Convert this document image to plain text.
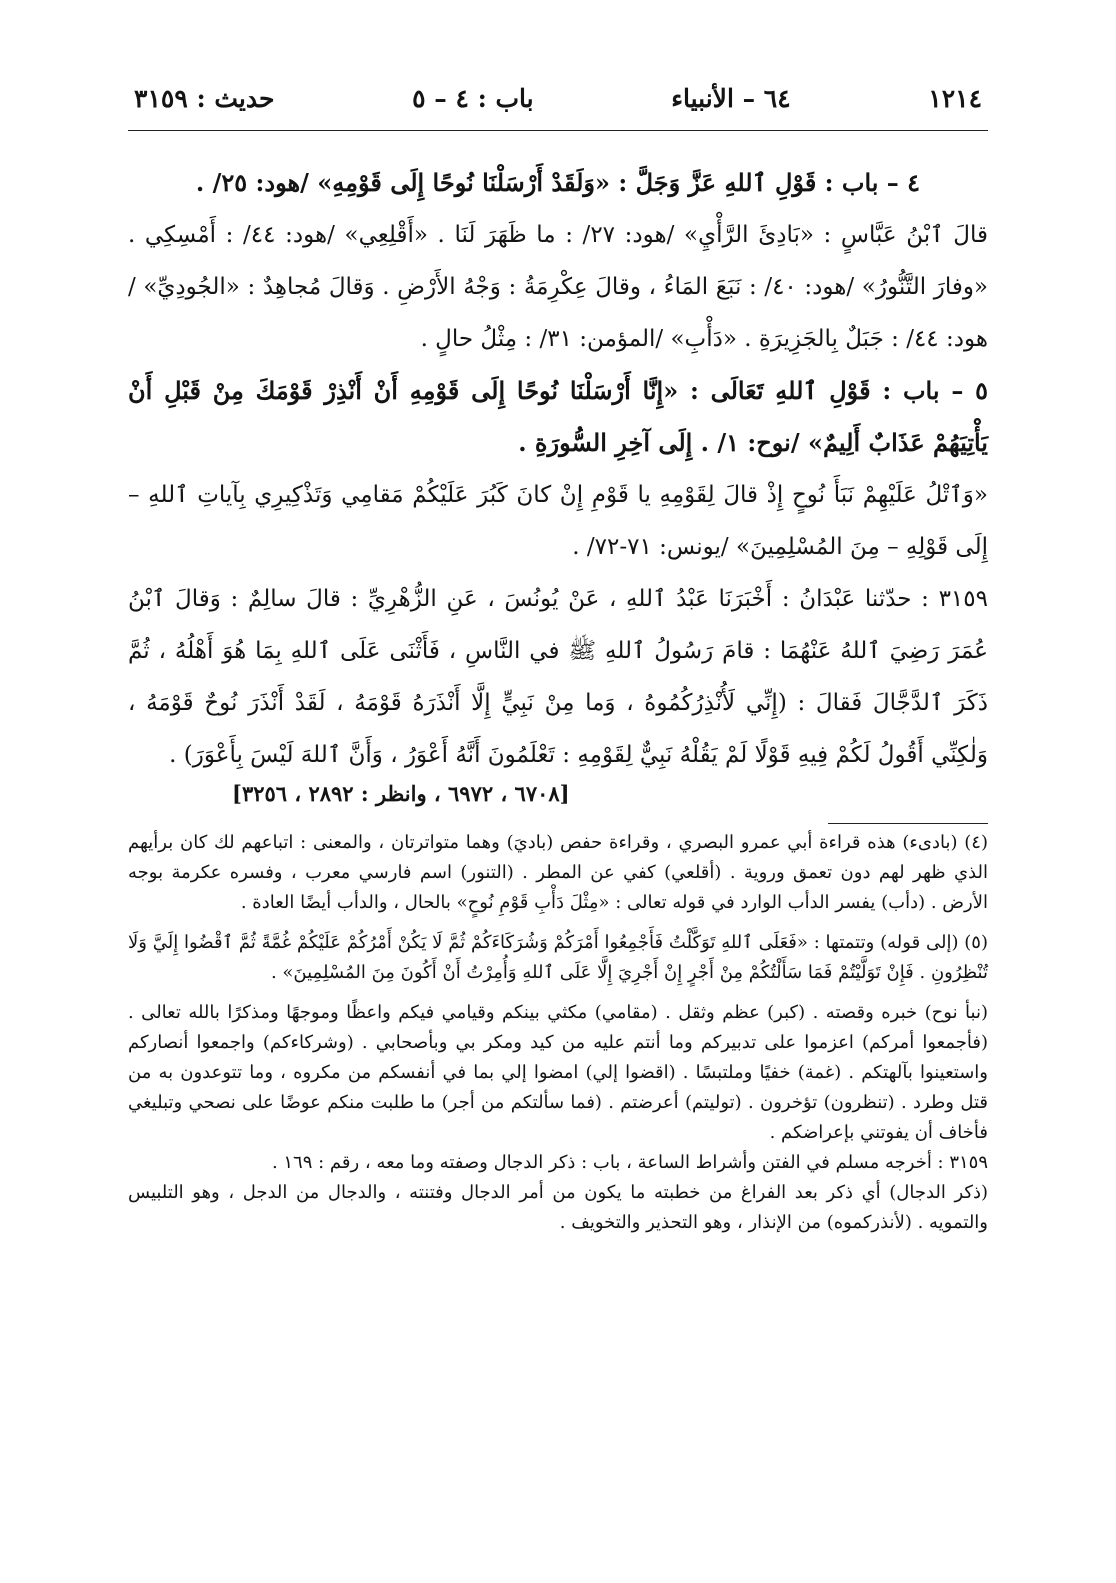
١٢١٤
٦٤ – الأنبياء
باب : ٤ – ٥
حديث : ٣١٥٩

٤ – باب : قَوْلِ ٱللهِ عَزَّ وَجَلَّ : «وَلَقَدْ أَرْسَلْنَا نُوحًا إِلَى قَوْمِهِ» /هود: ٢٥/ .

قالَ ٱبْنُ عَبَّاسٍ : «بَادِئَ الرَّأْيِ» /هود: ٢٧/ : ما ظَهَرَ لَنَا . «أَقْلِعِي» /هود: ٤٤/ : أَمْسِكِي . «وفارَ التَّنُّورُ» /هود: ٤٠/ : نَبَعَ المَاءُ ، وقالَ عِكْرِمَةُ : وَجْهُ الأَرْضِ . وَقالَ مُجاهِدٌ : «الجُودِيِّ» /هود: ٤٤/ : جَبَلٌ بِالجَزِيرَةِ . «دَأْبِ» /المؤمن: ٣١/ : مِثْلُ حالٍ .

٥ – باب : قَوْلِ ٱللهِ تَعَالَى : «إِنَّا أَرْسَلْنَا نُوحًا إِلَى قَوْمِهِ أَنْ أَنْذِرْ قَوْمَكَ مِنْ قَبْلِ أَنْ يَأْتِيَهُمْ عَذَابٌ أَلِيمٌ» /نوح: ١/ . إِلَى آخِرِ السُّورَةِ .

«وَٱتْلُ عَلَيْهِمْ نَبَأَ نُوحٍ إِذْ قالَ لِقَوْمِهِ يا قَوْمِ إِنْ كانَ كَبُرَ عَلَيْكُمْ مَقامِي وَتَذْكِيرِي بِآياتِ ٱللهِ – إِلَى قَوْلِهِ – مِنَ المُسْلِمِينَ» /يونس: ٧١-٧٢/ .

٣١٥٩ : حدّثنا عَبْدَانُ : أَخْبَرَنَا عَبْدُ ٱللهِ ، عَنْ يُونُسَ ، عَنِ الزُّهْرِيِّ : قالَ سالِمٌ : وَقالَ ٱبْنُ عُمَرَ رَضِيَ ٱللهُ عَنْهُمَا : قامَ رَسُولُ ٱللهِ ﷺ في النَّاسِ ، فَأَثْنَى عَلَى ٱللهِ بِمَا هُوَ أَهْلُهُ ، ثُمَّ ذَكَرَ ٱلدَّجَّالَ فَقالَ : (إِنِّي لَأُنْذِرُكُمُوهُ ، وَما مِنْ نَبِيٍّ إِلَّا أَنْذَرَهُ قَوْمَهُ ، لَقَدْ أَنْذَرَ نُوحٌ قَوْمَهُ ، وَلٰكِنِّي أَقُولُ لَكُمْ فِيهِ قَوْلًا لَمْ يَقُلْهُ نَبِيٌّ لِقَوْمِهِ : تَعْلَمُونَ أَنَّهُ أَعْوَرُ ، وَأَنَّ ٱللهَ لَيْسَ بِأَعْوَرَ) .

[٦٧٠٨ ، ٦٩٧٢ ، وانظر : ٢٨٩٢ ، ٣٢٥٦]

(٤) (بادىء) هذه قراءة أبي عمرو البصري ، وقراءة حفص (باديَ) وهما متواترتان ، والمعنى : اتباعهم لك كان برأيهم الذي ظهر لهم دون تعمق وروية . (أقلعي) كفي عن المطر . (التنور) اسم فارسي معرب ، وفسره عكرمة بوجه الأرض . (دأب) يفسر الدأب الوارد في قوله تعالى : «مِثْلَ دَأْبِ قَوْمِ نُوحٍ» بالحال ، والدأب أيضًا العادة .

(٥) (إلى قوله) وتتمتها : «فَعَلَى ٱللهِ تَوَكَّلْتُ فَأَجْمِعُوا أَمْرَكُمْ وَشُرَكَاءَكُمْ ثُمَّ لَا يَكُنْ أَمْرُكُمْ عَلَيْكُمْ غُمَّةً ثُمَّ ٱقْضُوا إِلَيَّ وَلَا تُنْظِرُونِ . فَإِنْ تَوَلَّيْتُمْ فَمَا سَأَلْتُكُمْ مِنْ أَجْرٍ إِنْ أَجْرِيَ إِلَّا عَلَى ٱللهِ وَأُمِرْتُ أَنْ أَكُونَ مِنَ المُسْلِمِينَ» .

(نبأ نوح) خبره وقصته . (كبر) عظم وثقل . (مقامي) مكثي بينكم وقيامي فيكم واعظًا وموجهًا ومذكرًا بالله تعالى . (فأجمعوا أمركم) اعزموا على تدبيركم وما أنتم عليه من كيد ومكر بي وبأصحابي . (وشركاءكم) واجمعوا أنصاركم واستعينوا بآلهتكم . (غمة) خفيًا وملتبسًا . (اقضوا إلي) امضوا إلي بما في أنفسكم من مكروه ، وما تتوعدون به من قتل وطرد . (تنظرون) تؤخرون . (توليتم) أعرضتم . (فما سألتكم من أجر) ما طلبت منكم عوضًا على نصحي وتبليغي فأخاف أن يفوتني بإعراضكم .

٣١٥٩ : أخرجه مسلم في الفتن وأشراط الساعة ، باب : ذكر الدجال وصفته وما معه ، رقم : ١٦٩ .

(ذكر الدجال) أي ذكر بعد الفراغ من خطبته ما يكون من أمر الدجال وفتنته ، والدجال من الدجل ، وهو التلبيس والتمويه . (لأنذركموه) من الإنذار ، وهو التحذير والتخويف .
